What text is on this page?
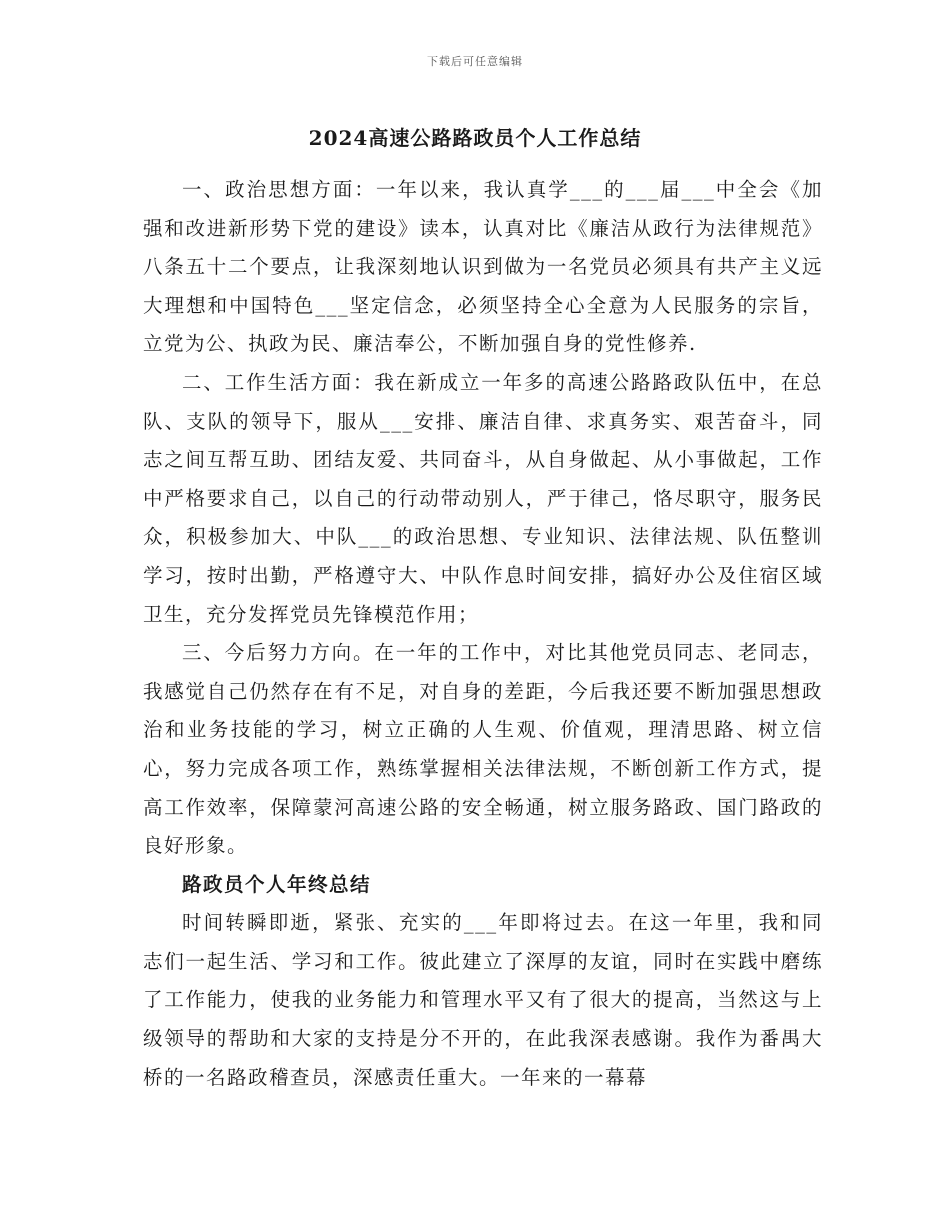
下载后可任意编辑
2024高速公路路政员个人工作总结

一、政治思想方面：一年以来，我认真学___的___届___中全会《加强和改进新形势下党的建设》读本，认真对比《廉洁从政行为法律规范》八条五十二个要点，让我深刻地认识到做为一名党员必须具有共产主义远大理想和中国特色___坚定信念，必须坚持全心全意为人民服务的宗旨，立党为公、执政为民、廉洁奉公，不断加强自身的党性修养.

二、工作生活方面：我在新成立一年多的高速公路路政队伍中，在总队、支队的领导下，服从___安排、廉洁自律、求真务实、艰苦奋斗，同志之间互帮互助、团结友爱、共同奋斗，从自身做起、从小事做起，工作中严格要求自己，以自己的行动带动别人，严于律己，恪尽职守，服务民众，积极参加大、中队___的政治思想、专业知识、法律法规、队伍整训学习，按时出勤，严格遵守大、中队作息时间安排，搞好办公及住宿区域卫生，充分发挥党员先锋模范作用；

三、今后努力方向。在一年的工作中，对比其他党员同志、老同志，我感觉自己仍然存在有不足，对自身的差距，今后我还要不断加强思想政治和业务技能的学习，树立正确的人生观、价值观，理清思路、树立信心，努力完成各项工作，熟练掌握相关法律法规，不断创新工作方式，提高工作效率，保障蒙河高速公路的安全畅通，树立服务路政、国门路政的良好形象。

路政员个人年终总结

时间转瞬即逝，紧张、充实的___年即将过去。在这一年里，我和同志们一起生活、学习和工作。彼此建立了深厚的友谊，同时在实践中磨练了工作能力，使我的业务能力和管理水平又有了很大的提高，当然这与上级领导的帮助和大家的支持是分不开的，在此我深表感谢。我作为番禺大桥的一名路政稽查员，深感责任重大。一年来的一幕幕
